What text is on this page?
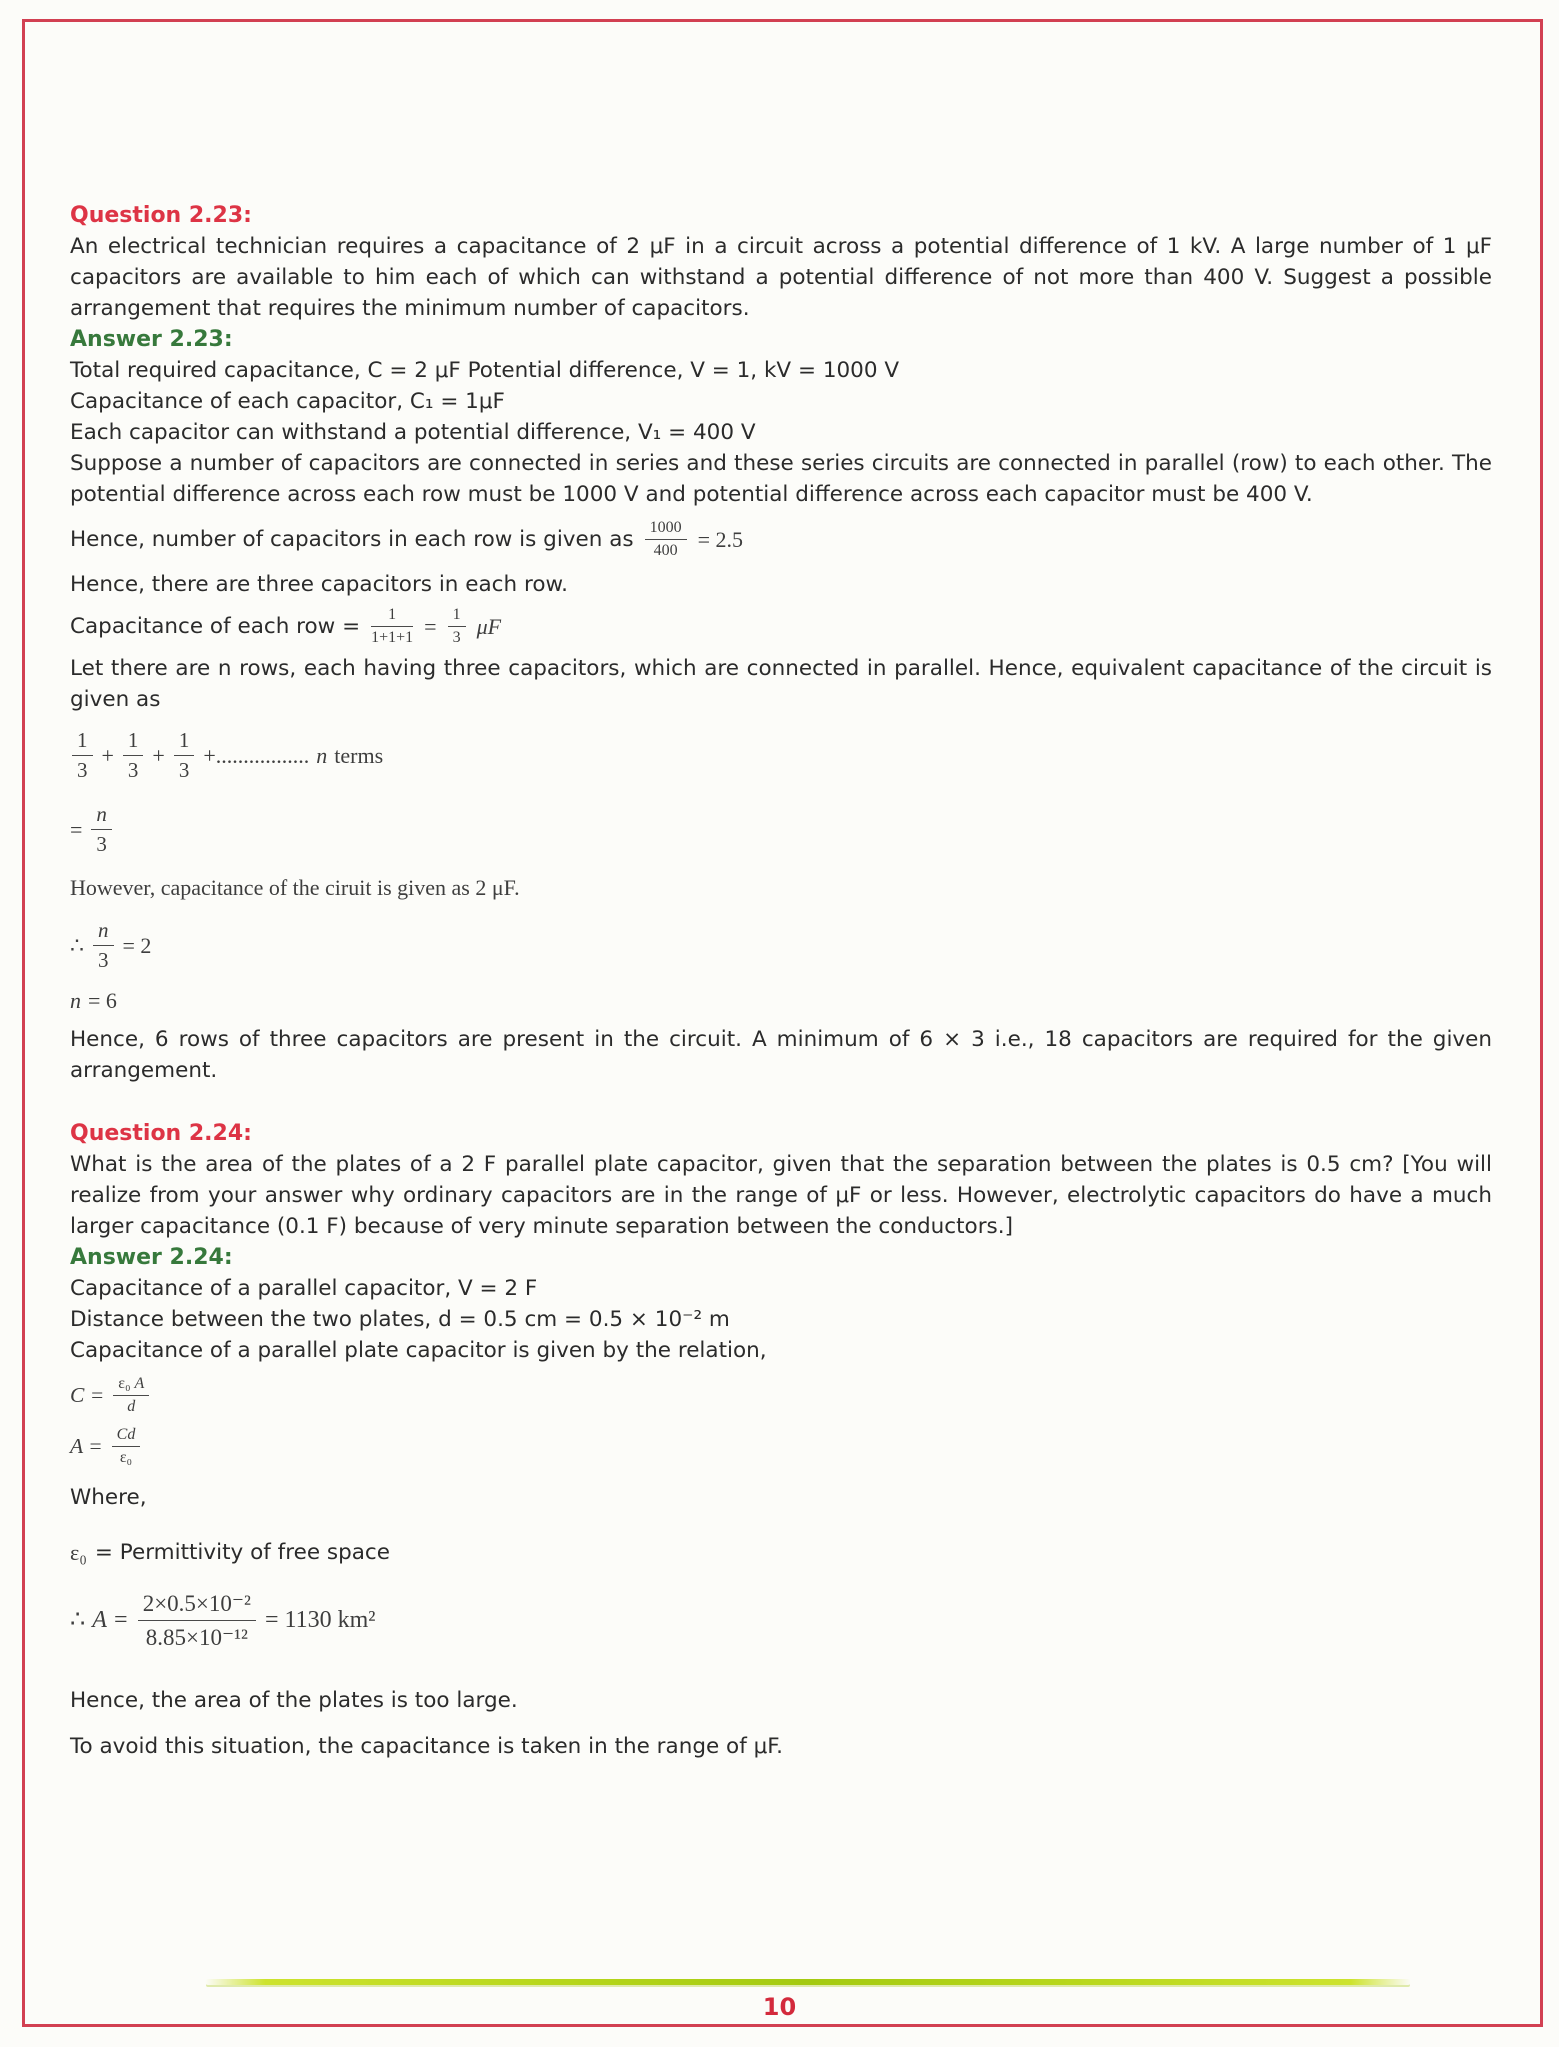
Question 2.23:

An electrical technician requires a capacitance of 2 μF in a circuit across a potential difference of 1 kV. A large number of 1 μF capacitors are available to him each of which can withstand a potential difference of not more than 400 V. Suggest a possible arrangement that requires the minimum number of capacitors.

Answer 2.23:
Total required capacitance, C = 2 μF Potential difference, V = 1, kV = 1000 V
Capacitance of each capacitor, C₁ = 1μF
Each capacitor can withstand a potential difference, V₁ = 400 V

Suppose a number of capacitors are connected in series and these series circuits are connected in parallel (row) to each other. The potential difference across each row must be 1000 V and potential difference across each capacitor must be 400 V.

Hence, number of capacitors in each row is given as $\frac{1000}{400} = 2.5$
Hence, there are three capacitors in each row.
Capacitance of each row = $\frac{1}{1+1+1} = \frac{1}{3}$ μF

Let there are n rows, each having three capacitors, which are connected in parallel. Hence, equivalent capacitance of the circuit is given as

$\frac{1}{3} + \frac{1}{3} + \frac{1}{3}$ +................. n terms
= $\frac{n}{3}$
However, capacitance of the ciruit is given as 2 μF.
∴ $\frac{n}{3} = 2$
n = 6

Hence, 6 rows of three capacitors are present in the circuit. A minimum of 6 × 3 i.e., 18 capacitors are required for the given arrangement.

Question 2.24:

What is the area of the plates of a 2 F parallel plate capacitor, given that the separation between the plates is 0.5 cm? [You will realize from your answer why ordinary capacitors are in the range of μF or less. However, electrolytic capacitors do have a much larger capacitance (0.1 F) because of very minute separation between the conductors.]

Answer 2.24:
Capacitance of a parallel capacitor, V = 2 F
Distance between the two plates, d = 0.5 cm = 0.5 × 10⁻² m
Capacitance of a parallel plate capacitor is given by the relation,
$C = \frac{\text{ε₀ A}}{d}$
$A = \frac{Cd}{\text{ε₀}}$
Where,
ε₀ = Permittivity of free space
∴ $A = \frac{\text{2×0.5×10⁻²}}{\text{8.85×10⁻¹²}} = 1130$ km²
Hence, the area of the plates is too large.
To avoid this situation, the capacitance is taken in the range of μF.
10
